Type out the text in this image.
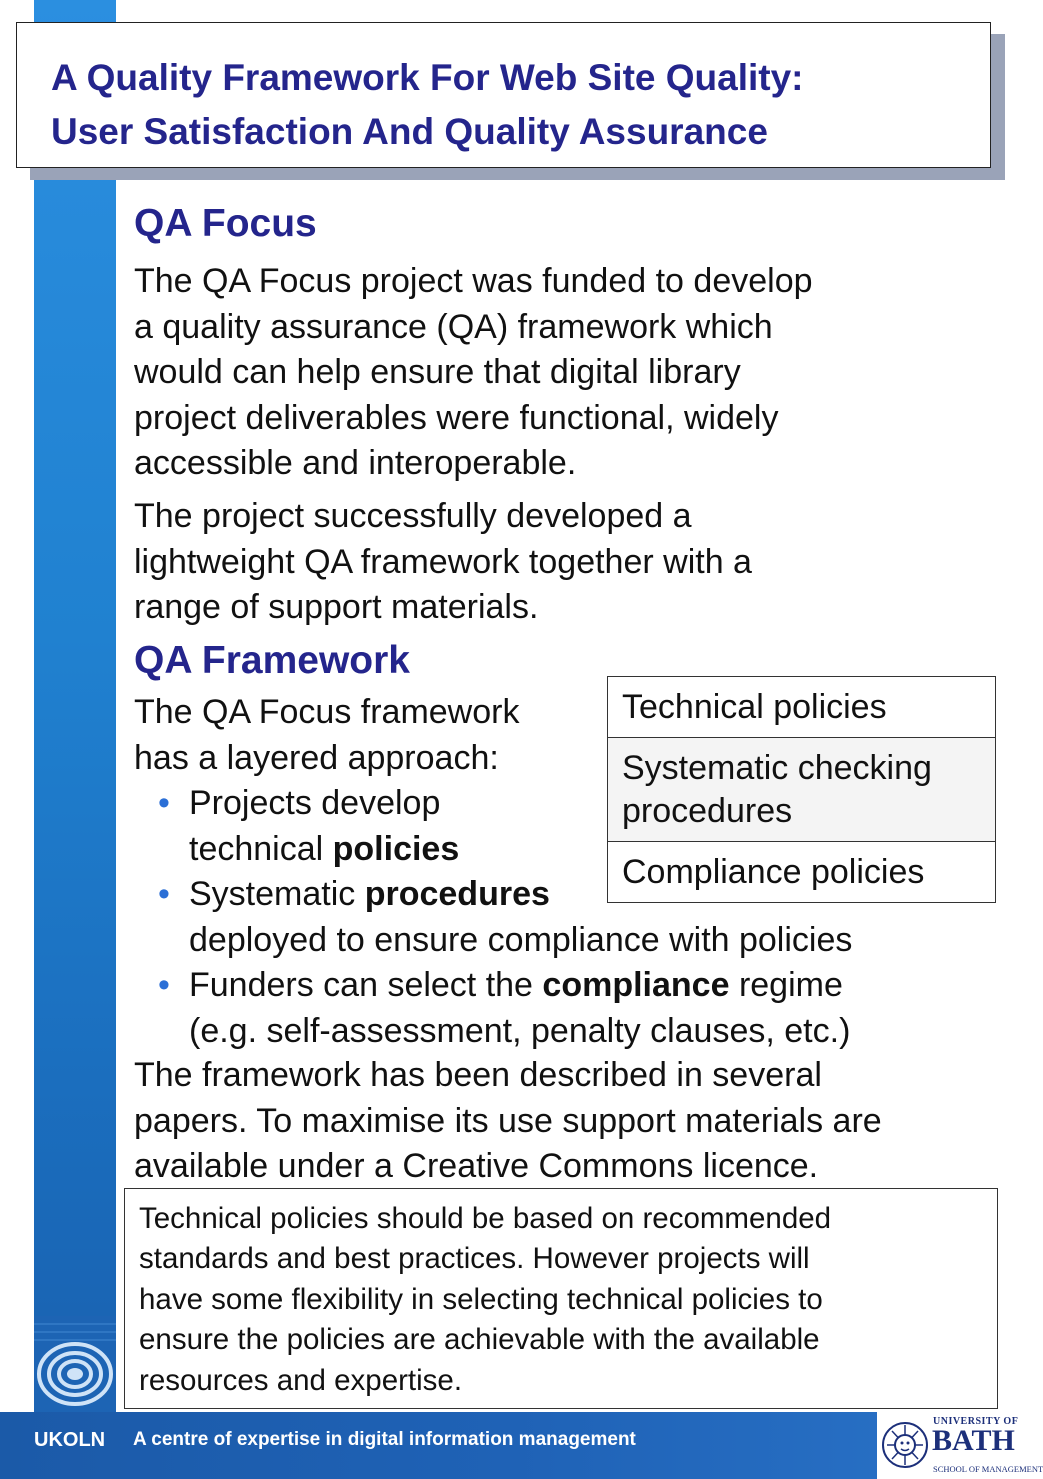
A Quality Framework For Web Site Quality:
User Satisfaction And Quality Assurance
QA Focus

The QA Focus project was funded to develop
a quality assurance (QA) framework which
would can help ensure that digital library
project deliverables were functional, widely
accessible and interoperable.

The project successfully developed a
lightweight QA framework together with a
range of support materials.

QA Framework

The QA Focus framework
has a layered approach:

• Projects develop
technical policies
• Systematic procedures
deployed to ensure compliance with policies
• Funders can select the compliance regime
(e.g. self-assessment, penalty clauses, etc.)
Technical policies
Systematic checking
procedures
Compliance policies

The framework has been described in several
papers. To maximise its use support materials are
available under a Creative Commons licence.

Technical policies should be based on recommended
standards and best practices. However projects will
have some flexibility in selecting technical policies to
ensure the policies are achievable with the available
resources and expertise.

UKOLN A centre of expertise in digital information management
UNIVERSITY OF
BATH
SCHOOL OF MANAGEMENT
